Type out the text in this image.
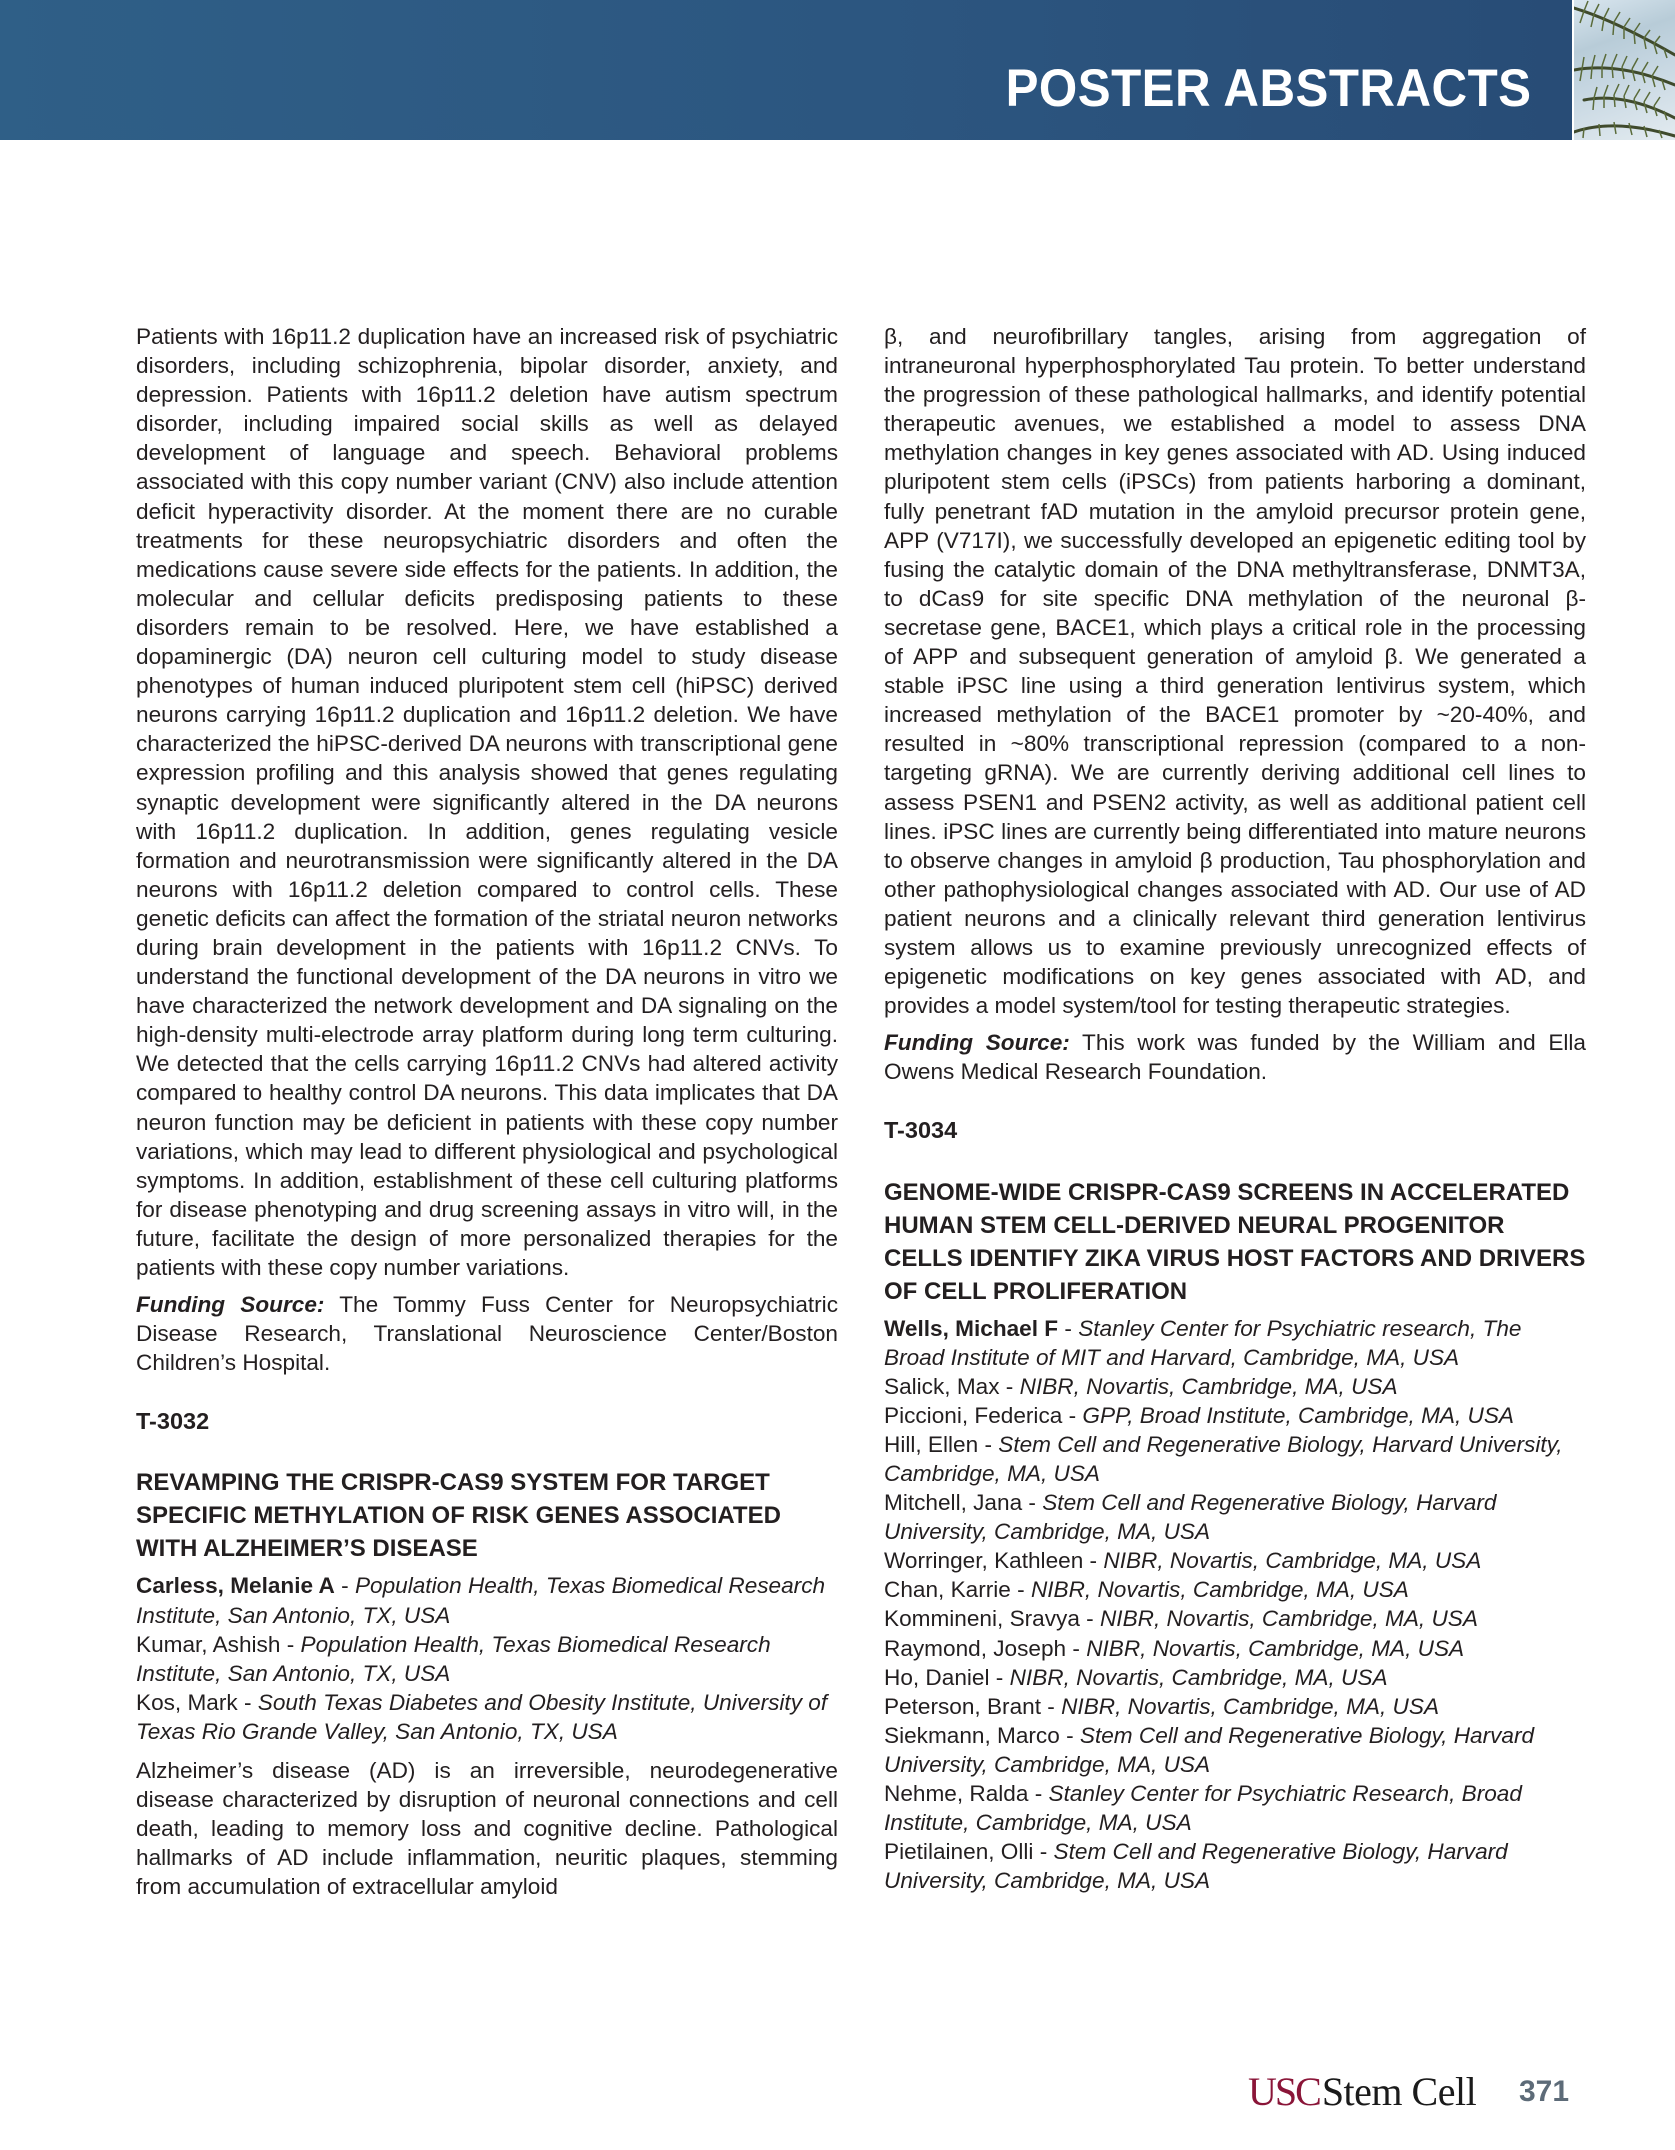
POSTER ABSTRACTS

Patients with 16p11.2 duplication have an increased risk of psychiatric disorders, including schizophrenia, bipolar disorder, anxiety, and depression. Patients with 16p11.2 deletion have autism spectrum disorder, including impaired social skills as well as delayed development of language and speech. Behavioral problems associated with this copy number variant (CNV) also include attention deficit hyperactivity disorder. At the moment there are no curable treatments for these neuropsychiatric disorders and often the medications cause severe side effects for the patients. In addition, the molecular and cellular deficits predisposing patients to these disorders remain to be resolved. Here, we have established a dopaminergic (DA) neuron cell culturing model to study disease phenotypes of human induced pluripotent stem cell (hiPSC) derived neurons carrying 16p11.2 duplication and 16p11.2 deletion. We have characterized the hiPSC-derived DA neurons with transcriptional gene expression profiling and this analysis showed that genes regulating synaptic development were significantly altered in the DA neurons with 16p11.2 duplication. In addition, genes regulating vesicle formation and neurotransmission were significantly altered in the DA neurons with 16p11.2 deletion compared to control cells. These genetic deficits can affect the formation of the striatal neuron networks during brain development in the patients with 16p11.2 CNVs. To understand the functional development of the DA neurons in vitro we have characterized the network development and DA signaling on the high-density multi-electrode array platform during long term culturing. We detected that the cells carrying 16p11.2 CNVs had altered activity compared to healthy control DA neurons. This data implicates that DA neuron function may be deficient in patients with these copy number variations, which may lead to different physiological and psychological symptoms. In addition, establishment of these cell culturing platforms for disease phenotyping and drug screening assays in vitro will, in the future, facilitate the design of more personalized therapies for the patients with these copy number variations.

Funding Source: The Tommy Fuss Center for Neuropsychiatric Disease Research, Translational Neuroscience Center/Boston Children’s Hospital.

T-3032
REVAMPING THE CRISPR-CAS9 SYSTEM FOR TARGET SPECIFIC METHYLATION OF RISK GENES ASSOCIATED WITH ALZHEIMER’S DISEASE
Carless, Melanie A - Population Health, Texas Biomedical Research Institute, San Antonio, TX, USA
Kumar, Ashish - Population Health, Texas Biomedical Research Institute, San Antonio, TX, USA
Kos, Mark - South Texas Diabetes and Obesity Institute, University of Texas Rio Grande Valley, San Antonio, TX, USA

Alzheimer’s disease (AD) is an irreversible, neurodegenerative disease characterized by disruption of neuronal connections and cell death, leading to memory loss and cognitive decline. Pathological hallmarks of AD include inflammation, neuritic plaques, stemming from accumulation of extracellular amyloid

β, and neurofibrillary tangles, arising from aggregation of intraneuronal hyperphosphorylated Tau protein. To better understand the progression of these pathological hallmarks, and identify potential therapeutic avenues, we established a model to assess DNA methylation changes in key genes associated with AD. Using induced pluripotent stem cells (iPSCs) from patients harboring a dominant, fully penetrant fAD mutation in the amyloid precursor protein gene, APP (V717I), we successfully developed an epigenetic editing tool by fusing the catalytic domain of the DNA methyltransferase, DNMT3A, to dCas9 for site specific DNA methylation of the neuronal β-secretase gene, BACE1, which plays a critical role in the processing of APP and subsequent generation of amyloid β. We generated a stable iPSC line using a third generation lentivirus system, which increased methylation of the BACE1 promoter by ~20-40%, and resulted in ~80% transcriptional repression (compared to a non-targeting gRNA). We are currently deriving additional cell lines to assess PSEN1 and PSEN2 activity, as well as additional patient cell lines. iPSC lines are currently being differentiated into mature neurons to observe changes in amyloid β production, Tau phosphorylation and other pathophysiological changes associated with AD. Our use of AD patient neurons and a clinically relevant third generation lentivirus system allows us to examine previously unrecognized effects of epigenetic modifications on key genes associated with AD, and provides a model system/tool for testing therapeutic strategies.

Funding Source: This work was funded by the William and Ella Owens Medical Research Foundation.

T-3034
GENOME-WIDE CRISPR-CAS9 SCREENS IN ACCELERATED HUMAN STEM CELL-DERIVED NEURAL PROGENITOR CELLS IDENTIFY ZIKA VIRUS HOST FACTORS AND DRIVERS OF CELL PROLIFERATION
Wells, Michael F - Stanley Center for Psychiatric research, The Broad Institute of MIT and Harvard, Cambridge, MA, USA
Salick, Max - NIBR, Novartis, Cambridge, MA, USA
Piccioni, Federica - GPP, Broad Institute, Cambridge, MA, USA
Hill, Ellen - Stem Cell and Regenerative Biology, Harvard University, Cambridge, MA, USA
Mitchell, Jana - Stem Cell and Regenerative Biology, Harvard University, Cambridge, MA, USA
Worringer, Kathleen - NIBR, Novartis, Cambridge, MA, USA
Chan, Karrie - NIBR, Novartis, Cambridge, MA, USA
Kommineni, Sravya - NIBR, Novartis, Cambridge, MA, USA
Raymond, Joseph - NIBR, Novartis, Cambridge, MA, USA
Ho, Daniel - NIBR, Novartis, Cambridge, MA, USA
Peterson, Brant - NIBR, Novartis, Cambridge, MA, USA
Siekmann, Marco - Stem Cell and Regenerative Biology, Harvard University, Cambridge, MA, USA
Nehme, Ralda - Stanley Center for Psychiatric Research, Broad Institute, Cambridge, MA, USA
Pietilainen, Olli - Stem Cell and Regenerative Biology, Harvard University, Cambridge, MA, USA
USCStem Cell 371
